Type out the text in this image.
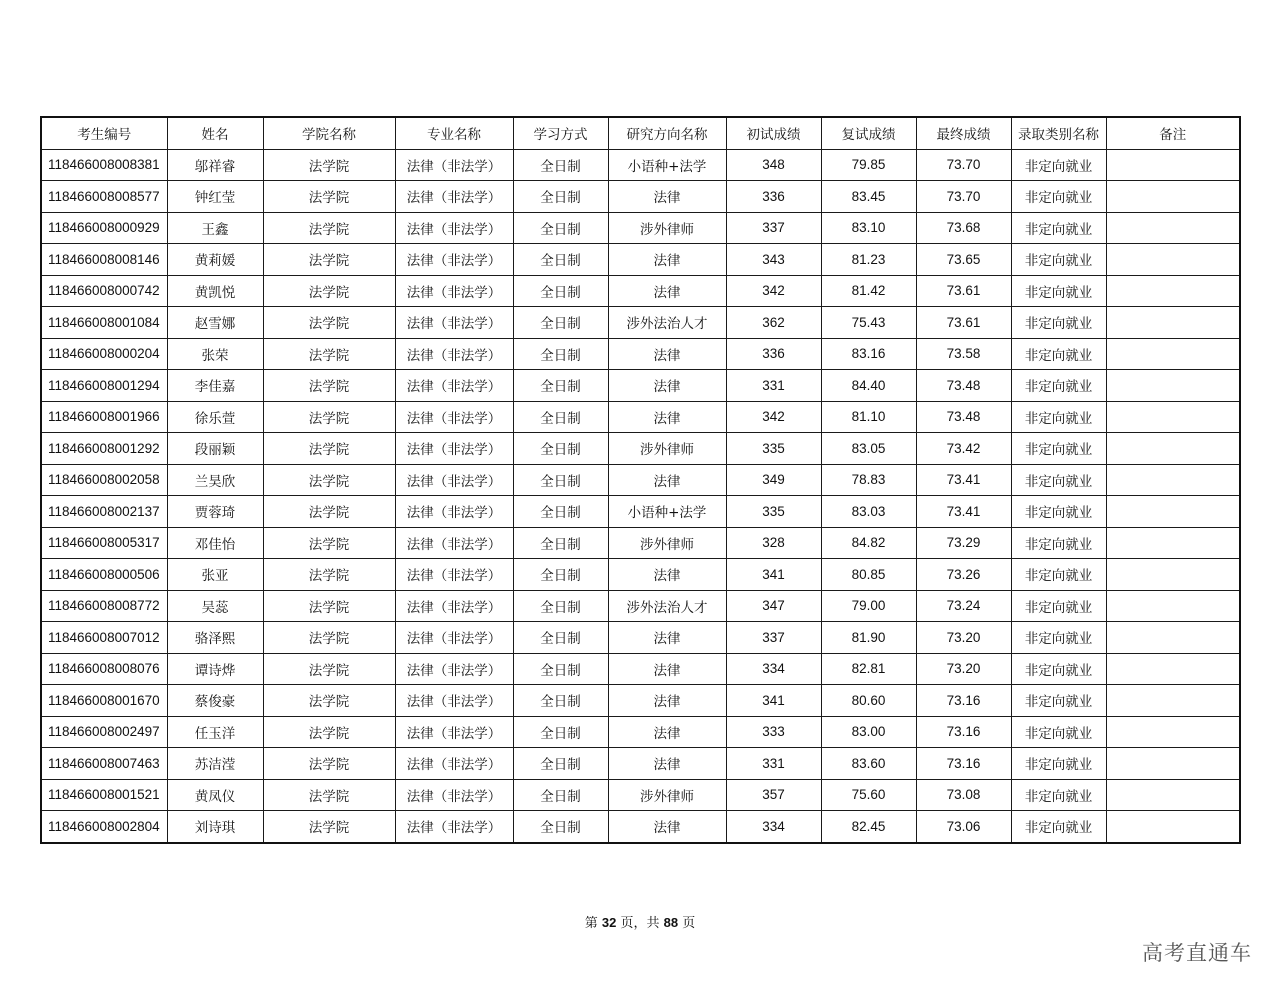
考生编号	姓名	学院名称	专业名称	学习方式	研究方向名称	初试成绩	复试成绩	最终成绩	录取类别名称	备注
118466008008381	邬祥睿	法学院	法律（非法学）	全日制	小语种+法学	348	79.85	73.70	非定向就业	
118466008008577	钟红莹	法学院	法律（非法学）	全日制	法律	336	83.45	73.70	非定向就业	
118466008000929	王鑫	法学院	法律（非法学）	全日制	涉外律师	337	83.10	73.68	非定向就业	
118466008008146	黄莉媛	法学院	法律（非法学）	全日制	法律	343	81.23	73.65	非定向就业	
118466008000742	黄凯悦	法学院	法律（非法学）	全日制	法律	342	81.42	73.61	非定向就业	
118466008001084	赵雪娜	法学院	法律（非法学）	全日制	涉外法治人才	362	75.43	73.61	非定向就业	
118466008000204	张荣	法学院	法律（非法学）	全日制	法律	336	83.16	73.58	非定向就业	
118466008001294	李佳嘉	法学院	法律（非法学）	全日制	法律	331	84.40	73.48	非定向就业	
118466008001966	徐乐萱	法学院	法律（非法学）	全日制	法律	342	81.10	73.48	非定向就业	
118466008001292	段丽颖	法学院	法律（非法学）	全日制	涉外律师	335	83.05	73.42	非定向就业	
118466008002058	兰昊欣	法学院	法律（非法学）	全日制	法律	349	78.83	73.41	非定向就业	
118466008002137	贾蓉琦	法学院	法律（非法学）	全日制	小语种+法学	335	83.03	73.41	非定向就业	
118466008005317	邓佳怡	法学院	法律（非法学）	全日制	涉外律师	328	84.82	73.29	非定向就业	
118466008000506	张亚	法学院	法律（非法学）	全日制	法律	341	80.85	73.26	非定向就业	
118466008008772	吴蕊	法学院	法律（非法学）	全日制	涉外法治人才	347	79.00	73.24	非定向就业	
118466008007012	骆泽熙	法学院	法律（非法学）	全日制	法律	337	81.90	73.20	非定向就业	
118466008008076	谭诗烨	法学院	法律（非法学）	全日制	法律	334	82.81	73.20	非定向就业	
118466008001670	蔡俊豪	法学院	法律（非法学）	全日制	法律	341	80.60	73.16	非定向就业	
118466008002497	任玉洋	法学院	法律（非法学）	全日制	法律	333	83.00	73.16	非定向就业	
118466008007463	苏洁滢	法学院	法律（非法学）	全日制	法律	331	83.60	73.16	非定向就业	
118466008001521	黄凤仪	法学院	法律（非法学）	全日制	涉外律师	357	75.60	73.08	非定向就业	
118466008002804	刘诗琪	法学院	法律（非法学）	全日制	法律	334	82.45	73.06	非定向就业	
第 32 页，共 88 页
高考直通车
